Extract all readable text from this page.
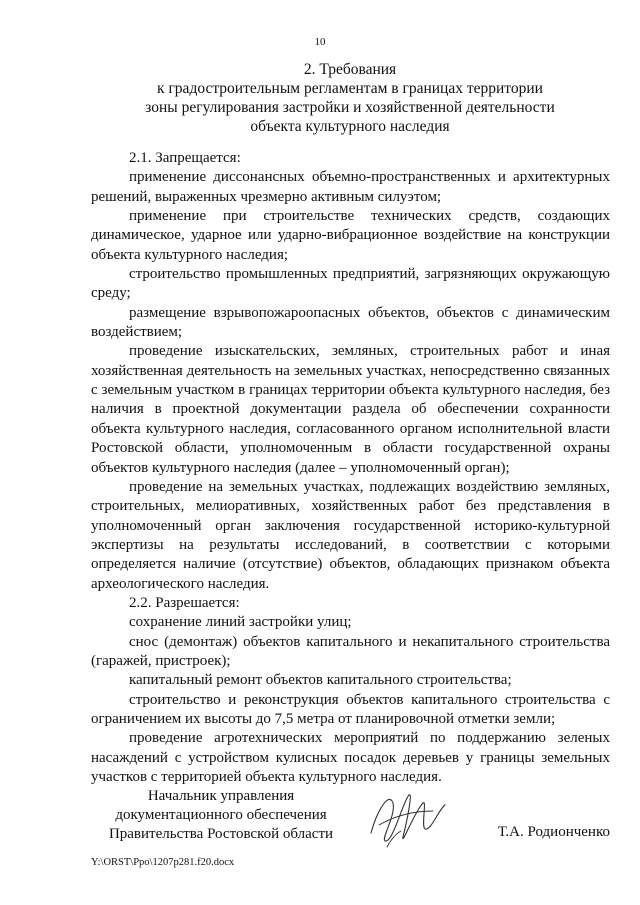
10
2. Требования
к градостроительным регламентам в границах территории
зоны регулирования застройки и хозяйственной деятельности
объекта культурного наследия

2.1. Запрещается:

применение диссонансных объемно-пространственных и архитектурных решений, выраженных чрезмерно активным силуэтом;

применение при строительстве технических средств, создающих динамическое, ударное или ударно-вибрационное воздействие на конструкции объекта культурного наследия;

строительство промышленных предприятий, загрязняющих окружающую среду;

размещение взрывопожароопасных объектов, объектов с динамическим воздействием;

проведение изыскательских, земляных, строительных работ и иная хозяйственная деятельность на земельных участках, непосредственно связанных с земельным участком в границах территории объекта культурного наследия, без наличия в проектной документации раздела об обеспечении сохранности объекта культурного наследия, согласованного органом исполнительной власти Ростовской области, уполномоченным в области государственной охраны объектов культурного наследия (далее – уполномоченный орган);

проведение на земельных участках, подлежащих воздействию земляных, строительных, мелиоративных, хозяйственных работ без представления в уполномоченный орган заключения государственной историко-культурной экспертизы на результаты исследований, в соответствии с которыми определяется наличие (отсутствие) объектов, обладающих признаком объекта археологического наследия.

2.2. Разрешается:

сохранение линий застройки улиц;

снос (демонтаж) объектов капитального и некапитального строительства (гаражей, пристроек);

капитальный ремонт объектов капитального строительства;

строительство и реконструкция объектов капитального строительства с ограничением их высоты до 7,5 метра от планировочной отметки земли;

проведение агротехнических мероприятий по поддержанию зеленых насаждений с устройством кулисных посадок деревьев у границы земельных участков с территорией объекта культурного наследия.

Начальник управления
документационного обеспечения
Правительства Ростовской области	Т.А. Родионченко
Y:\ORST\Ppo\1207p281.f20.docx
